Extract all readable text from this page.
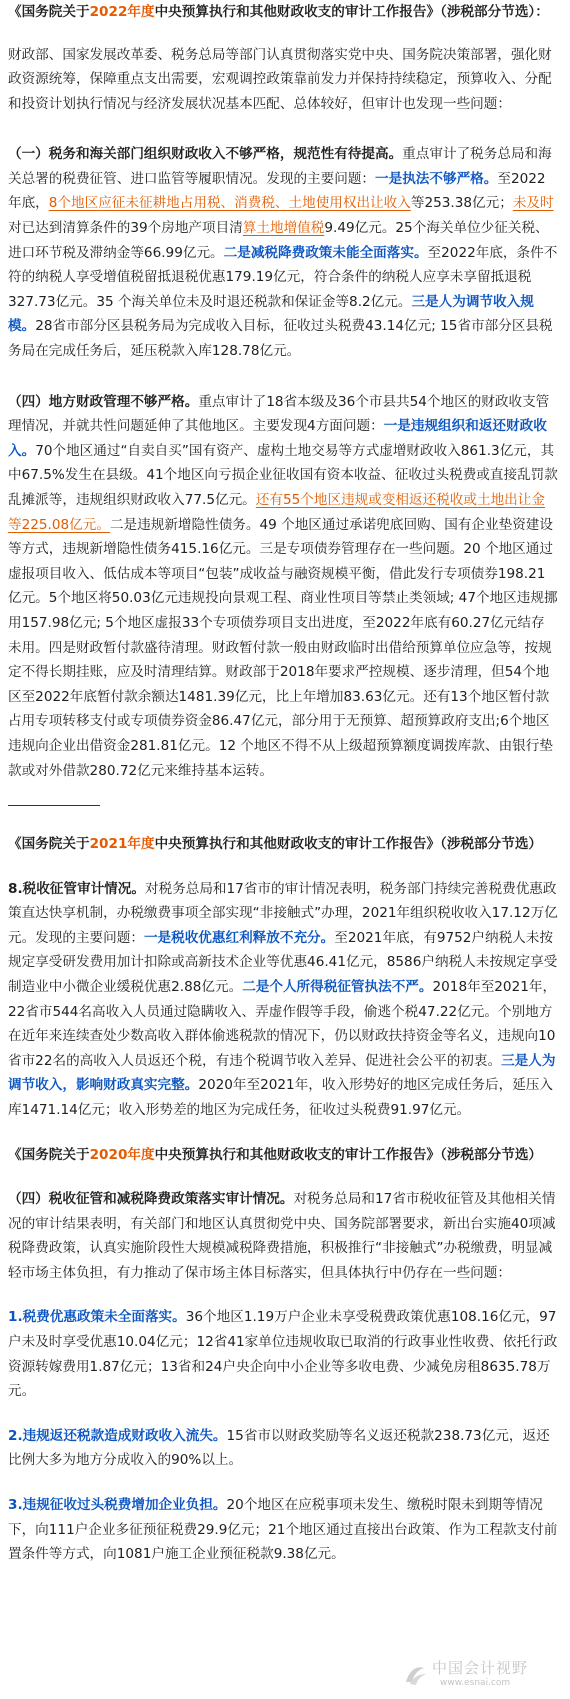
《国务院关于2022年度中央预算执行和其他财政收支的审计工作报告》（涉税部分节选）：

财政部、国家发展改革委、税务总局等部门认真贯彻落实党中央、国务院决策部署，强化财政资源统筹，保障重点支出需要，宏观调控政策靠前发力并保持持续稳定，预算收入、分配和投资计划执行情况与经济发展状况基本匹配、总体较好，但审计也发现一些问题：

（一）税务和海关部门组织财政收入不够严格，规范性有待提高。重点审计了税务总局和海关总署的税费征管、进口监管等履职情况。发现的主要问题：一是执法不够严格。至2022年底，8个地区应征未征耕地占用税、消费税、土地使用权出让收入等253.38亿元；未及时对已达到清算条件的39个房地产项目清算土地增值税9.49亿元。25个海关单位少征关税、进口环节税及滞纳金等66.99亿元。二是减税降费政策未能全面落实。至2022年底，条件不符的纳税人享受增值税留抵退税优惠179.19亿元，符合条件的纳税人应享未享留抵退税327.73亿元。35 个海关单位未及时退还税款和保证金等8.2亿元。三是人为调节收入规模。28省市部分区县税务局为完成收入目标，征收过头税费43.14亿元; 15省市部分区县税务局在完成任务后，延压税款入库128.78亿元。

（四）地方财政管理不够严格。重点审计了18省本级及36个市县共54个地区的财政收支管理情况，并就共性问题延伸了其他地区。主要发现4方面问题：一是违规组织和返还财政收入。70个地区通过“自卖自买”国有资产、虚构土地交易等方式虚增财政收入861.3亿元，其中67.5%发生在县级。41个地区向亏损企业征收国有资本收益、征收过头税费或直接乱罚款乱摊派等，违规组织财政收入77.5亿元。还有55个地区违规或变相返还税收或土地出让金等225.08亿元。二是违规新增隐性债务。49 个地区通过承诺兜底回购、国有企业垫资建设等方式，违规新增隐性债务415.16亿元。三是专项债券管理存在一些问题。20 个地区通过虚报项目收入、低估成本等项目“包装”成收益与融资规模平衡，借此发行专项债券198.21亿元。5个地区将50.03亿元违规投向景观工程、商业性项目等禁止类领域; 47个地区违规挪用157.98亿元; 5个地区虚报33个专项债券项目支出进度，至2022年底有60.27亿元结存未用。四是财政暂付款盛待清理。财政暂付款一般由财政临时出借给预算单位应急等，按规定不得长期挂账，应及时清理结算。财政部于2018年要求严控规模、逐步清理，但54个地区至2022年底暂付款余额达1481.39亿元，比上年增加83.63亿元。还有13个地区暂付款占用专项转移支付或专项债券资金86.47亿元，部分用于无预算、超预算政府支出;6个地区违规向企业出借资金281.81亿元。12 个地区不得不从上级超预算额度调拨库款、由银行垫款或对外借款280.72亿元来维持基本运转。

《国务院关于2021年度中央预算执行和其他财政收支的审计工作报告》（涉税部分节选）

8.税收征管审计情况。对税务总局和17省市的审计情况表明，税务部门持续完善税费优惠政策直达快享机制，办税缴费事项全部实现“非接触式”办理，2021年组织税收收入17.12万亿元。发现的主要问题：一是税收优惠红利释放不充分。至2021年底，有9752户纳税人未按规定享受研发费用加计扣除或高新技术企业等优惠46.41亿元，8586户纳税人未按规定享受制造业中小微企业缓税优惠2.88亿元。二是个人所得税征管执法不严。2018年至2021年，22省市544名高收入人员通过隐瞒收入、弄虚作假等手段，偷逃个税47.22亿元。个别地方在近年来连续查处少数高收入群体偷逃税款的情况下，仍以财政扶持资金等名义，违规向10省市22名的高收入人员返还个税，有违个税调节收入差异、促进社会公平的初衷。三是人为调节收入，影响财政真实完整。2020年至2021年，收入形势好的地区完成任务后，延压入库1471.14亿元；收入形势差的地区为完成任务，征收过头税费91.97亿元。

《国务院关于2020年度中央预算执行和其他财政收支的审计工作报告》（涉税部分节选）

（四）税收征管和减税降费政策落实审计情况。对税务总局和17省市税收征管及其他相关情况的审计结果表明，有关部门和地区认真贯彻党中央、国务院部署要求，新出台实施40项减税降费政策，认真实施阶段性大规模减税降费措施，积极推行“非接触式”办税缴费，明显减轻市场主体负担，有力推动了保市场主体目标落实，但具体执行中仍存在一些问题：

1.税费优惠政策未全面落实。36个地区1.19万户企业未享受税费政策优惠108.16亿元，97户未及时享受优惠10.04亿元；12省41家单位违规收取已取消的行政事业性收费、依托行政资源转嫁费用1.87亿元；13省和24户央企向中小企业等多收电费、少减免房租8635.78万元。

2.违规返还税款造成财政收入流失。15省市以财政奖励等名义返还税款238.73亿元，返还比例大多为地方分成收入的90%以上。

3.违规征收过头税费增加企业负担。20个地区在应税事项未发生、缴税时限未到期等情况下，向111户企业多征预征税费29.9亿元；21个地区通过直接出台政策、作为工程款支付前置条件等方式，向1081户施工企业预征税款9.38亿元。

中国会计视野
www.esnai.com
